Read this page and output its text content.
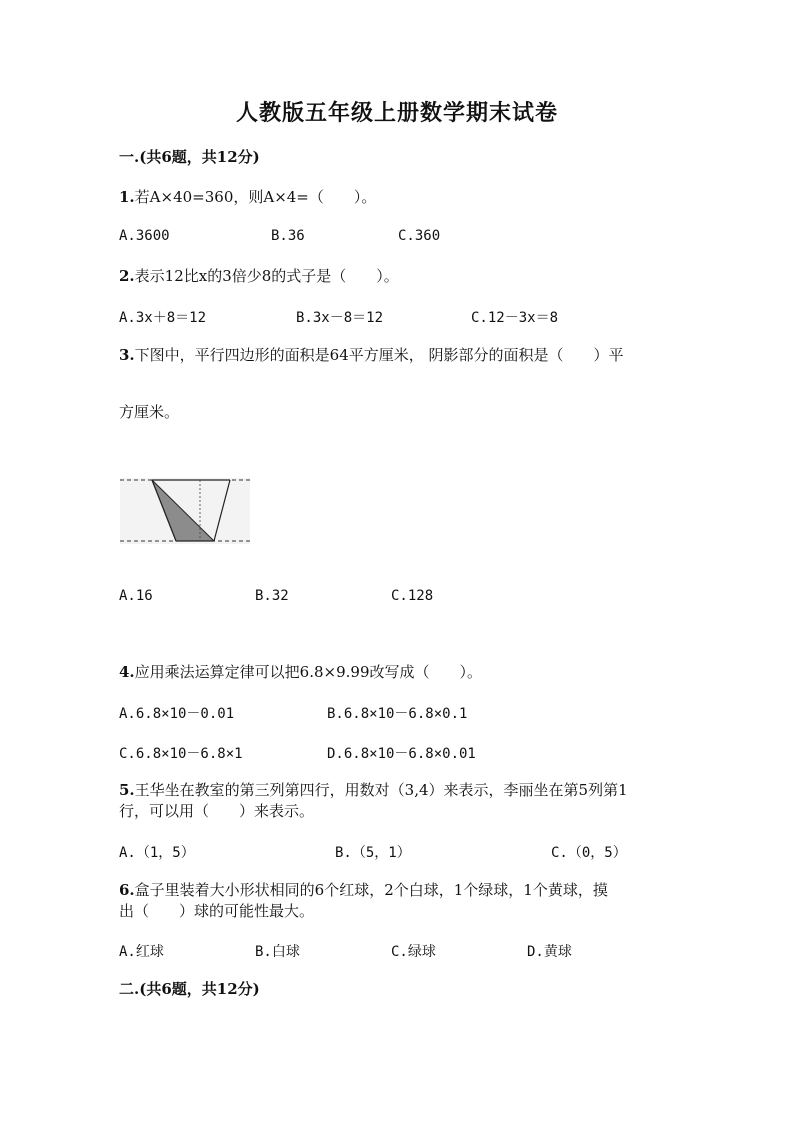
人教版五年级上册数学期末试卷
一.(共6题，共12分)
1.若A×40=360，则A×4=（　　）。
A.3600	B.36	C.360
2.表示12比x的3倍少8的式子是（　　）。
A.3x＋8＝12	B.3x－8＝12	C.12－3x＝8
3.下图中，平行四边形的面积是64平方厘米， 阴影部分的面积是（　　）平
方厘米。
A.16	B.32	C.128
4.应用乘法运算定律可以把6.8×9.99改写成（　　）。
A.6.8×10－0.01	B.6.8×10－6.8×0.1
C.6.8×10－6.8×1	D.6.8×10－6.8×0.01
5.王华坐在教室的第三列第四行，用数对（3,4）来表示，李丽坐在第5列第1
行，可以用（　　）来表示。
A.（1，5）	B.（5，1）	C.（0，5）
6.盒子里装着大小形状相同的6个红球，2个白球，1个绿球，1个黄球，摸
出（　　）球的可能性最大。
A.红球	B.白球	C.绿球	D.黄球
二.(共6题，共12分)
